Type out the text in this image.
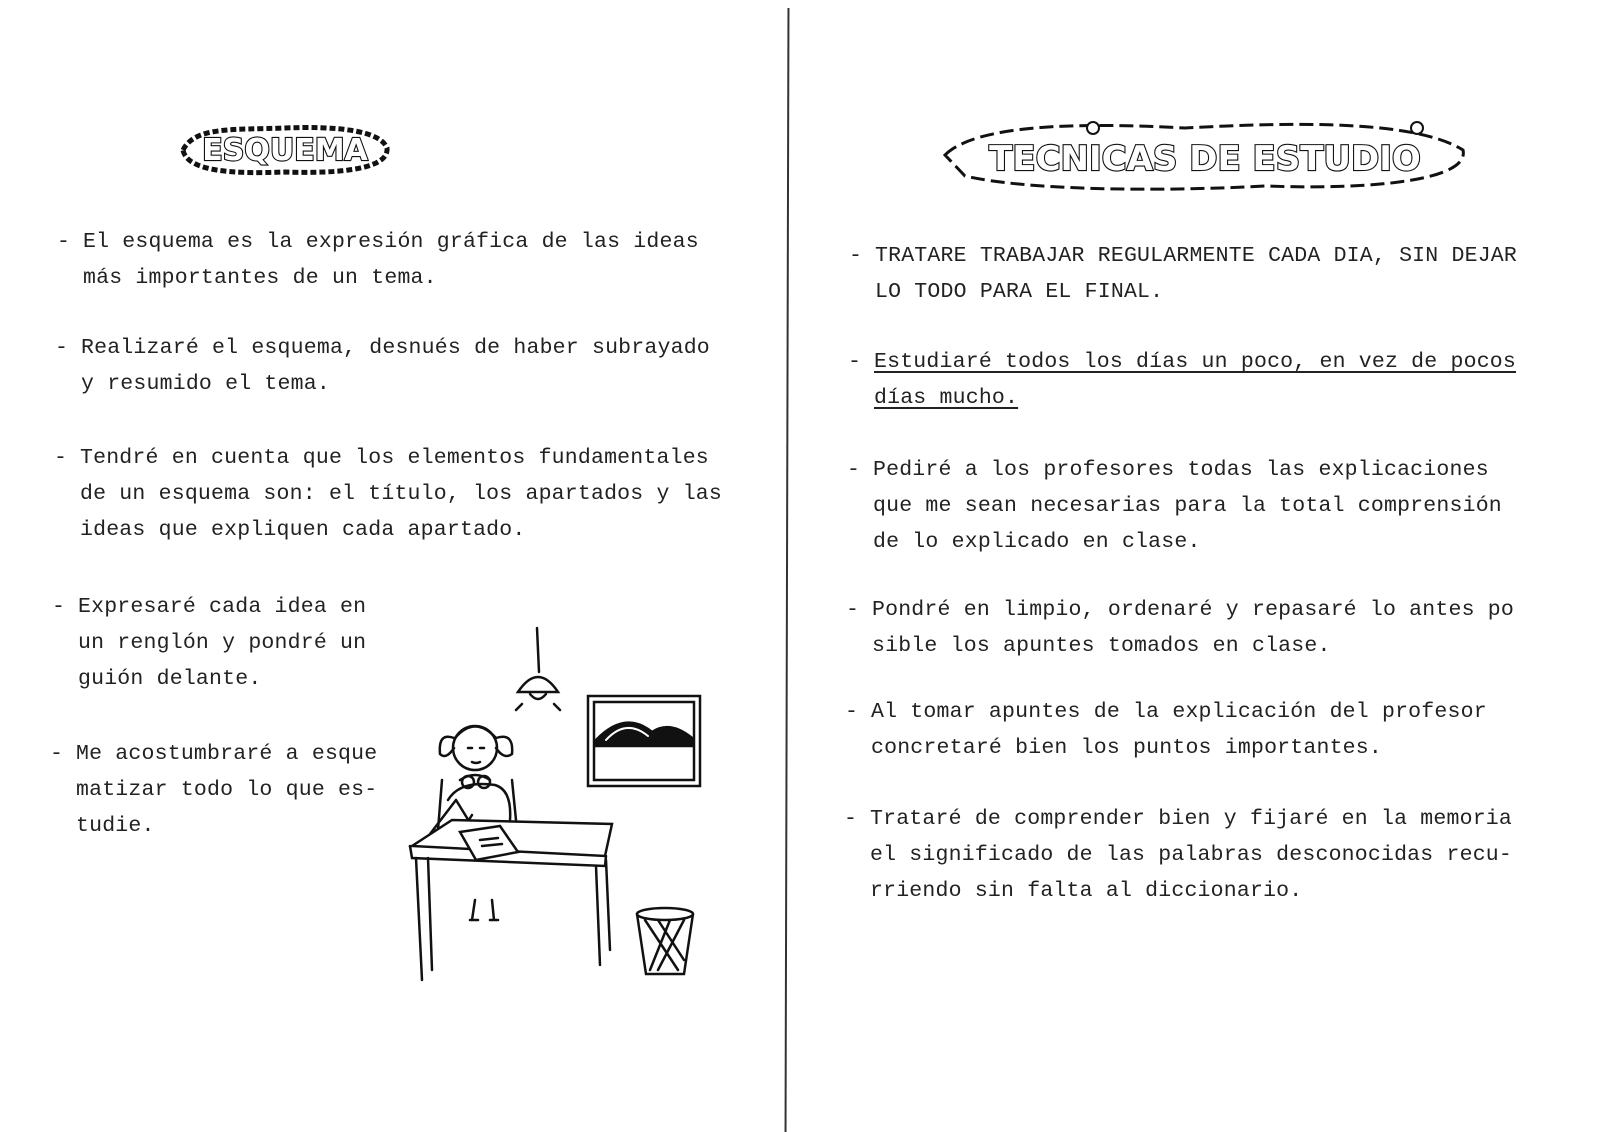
ESQUEMA	TECNICAS DE ESTUDIO
- El esquema es la expresión gráfica de las ideas
más importantes de un tema.
- Realizaré el esquema, desnués de haber subrayado
y resumido el tema.
- Tendré en cuenta que los elementos fundamentales
de un esquema son: el título, los apartados y las
ideas que expliquen cada apartado.
- Expresaré cada idea en
un renglón y pondré un
guión delante.
- Me acostumbraré a esque
matizar todo lo que es-
tudie.
- TRATARE TRABAJAR REGULARMENTE CADA DIA, SIN DEJAR
LO TODO PARA EL FINAL.
- Estudiaré todos los días un poco, en vez de pocos
días mucho.
- Pediré a los profesores todas las explicaciones
que me sean necesarias para la total comprensión
de lo explicado en clase.
- Pondré en limpio, ordenaré y repasaré lo antes po
sible los apuntes tomados en clase.
- Al tomar apuntes de la explicación del profesor
concretaré bien los puntos importantes.
- Trataré de comprender bien y fijaré en la memoria
el significado de las palabras desconocidas recu-
rriendo sin falta al diccionario.
